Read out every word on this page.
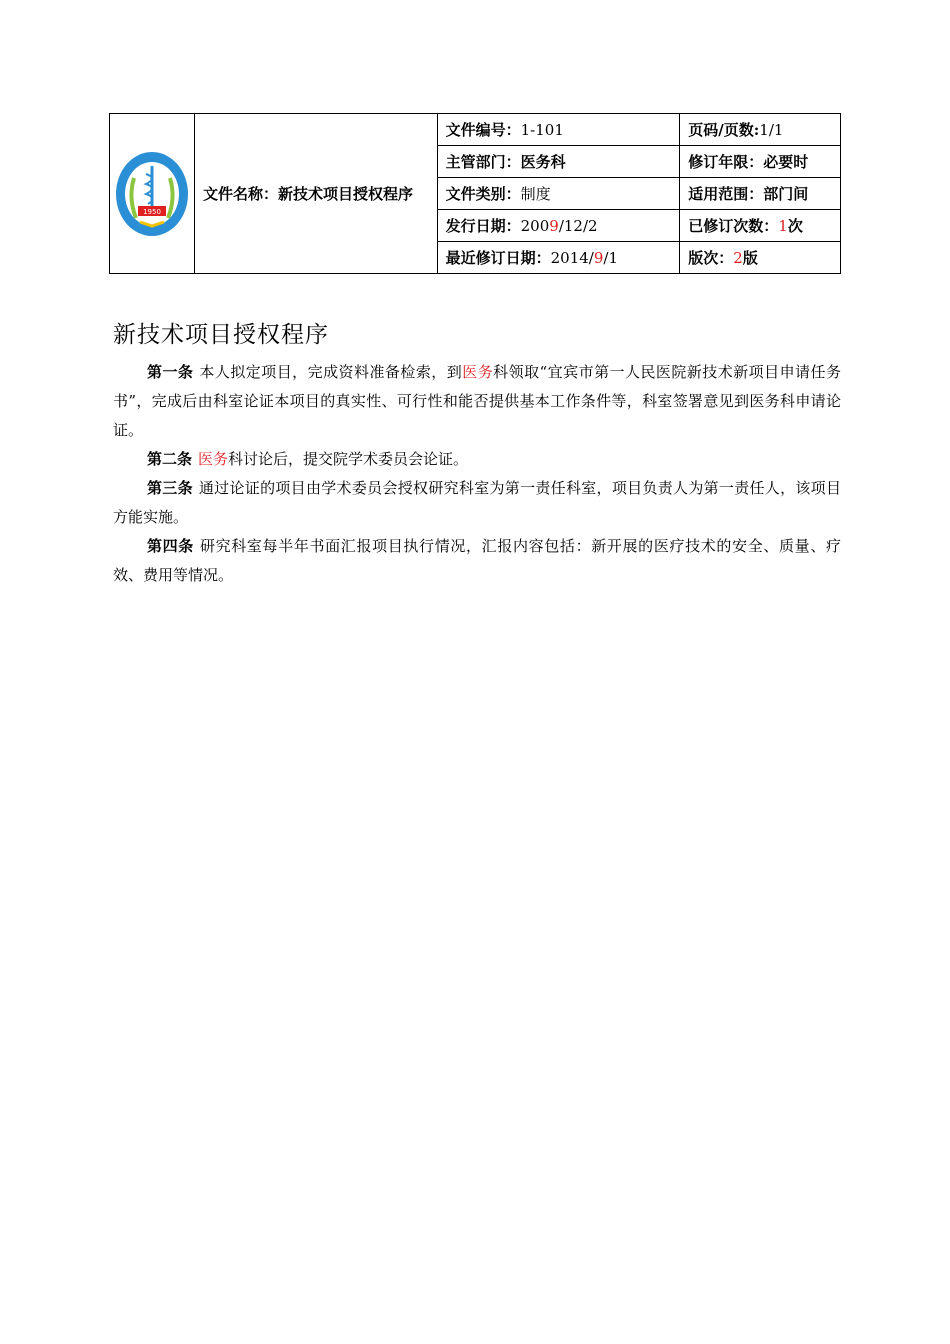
1950	文件名称：新技术项目授权程序	文件编号：1-101	页码/页数:1/1
		主管部门：医务科	修订年限：必要时
		文件类别：制度	适用范围：部门间
		发行日期：2009/12/2	已修订次数：1次
		最近修订日期：2014/9/1	版次：2版
新技术项目授权程序

第一条 本人拟定项目，完成资料准备检索，到医务科领取“宜宾市第一人民医院新技术新项目申请任务书”，完成后由科室论证本项目的真实性、可行性和能否提供基本工作条件等，科室签署意见到医务科申请论证。

第二条 医务科讨论后，提交院学术委员会论证。

第三条 通过论证的项目由学术委员会授权研究科室为第一责任科室，项目负责人为第一责任人，该项目方能实施。

第四条 研究科室每半年书面汇报项目执行情况，汇报内容包括：新开展的医疗技术的安全、质量、疗效、费用等情况。
